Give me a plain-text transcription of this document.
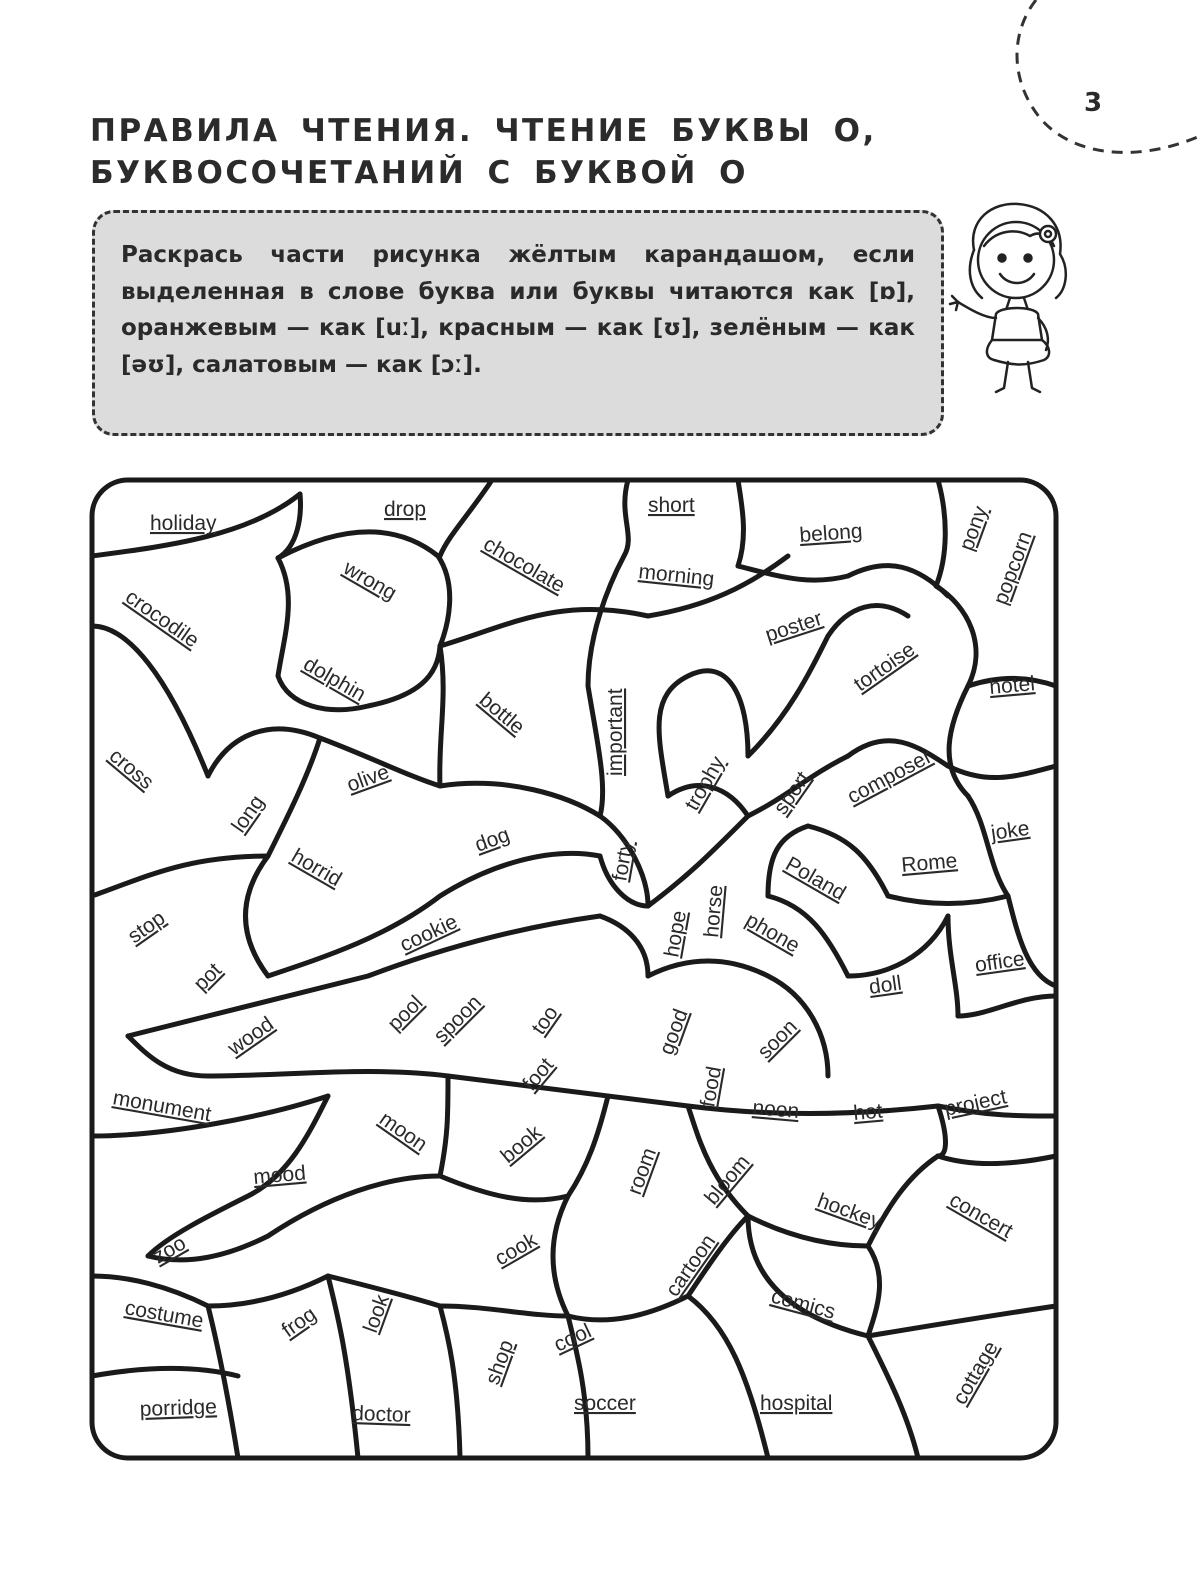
3
ПРАВИЛА ЧТЕНИЯ. ЧТЕНИЕ БУКВЫ О,
БУКВОСОЧЕТАНИЙ С БУКВОЙ О

Раскрась части рисунка жёлтым карандашом, если выделенная в слове буква или буквы читаются как [ɒ], оранжевым — как [uː], красным — как [ʊ], зелёным — как [əʊ], салатовым — как [ɔː].

holiday
drop	short
belong	pony
popcorn
crocodile
wrong	chocolate	morning
poster
tortoise	hotel
dolphin
bottle	important
cross	olive	trophy sport composer
long
dog	forty
horrid	Poland Rome
joke
stop	cookie	hope horse phone
doll
office
pot
wood	pool spoon too	good	soon
monument
foot	food
noon hot	project
moon	book
mood	room bloom
hockey	concert
zoo	cook	cartoon
costume	frog look	comics
shop cool	cottage
porridge	doctor	soccer	hospital
